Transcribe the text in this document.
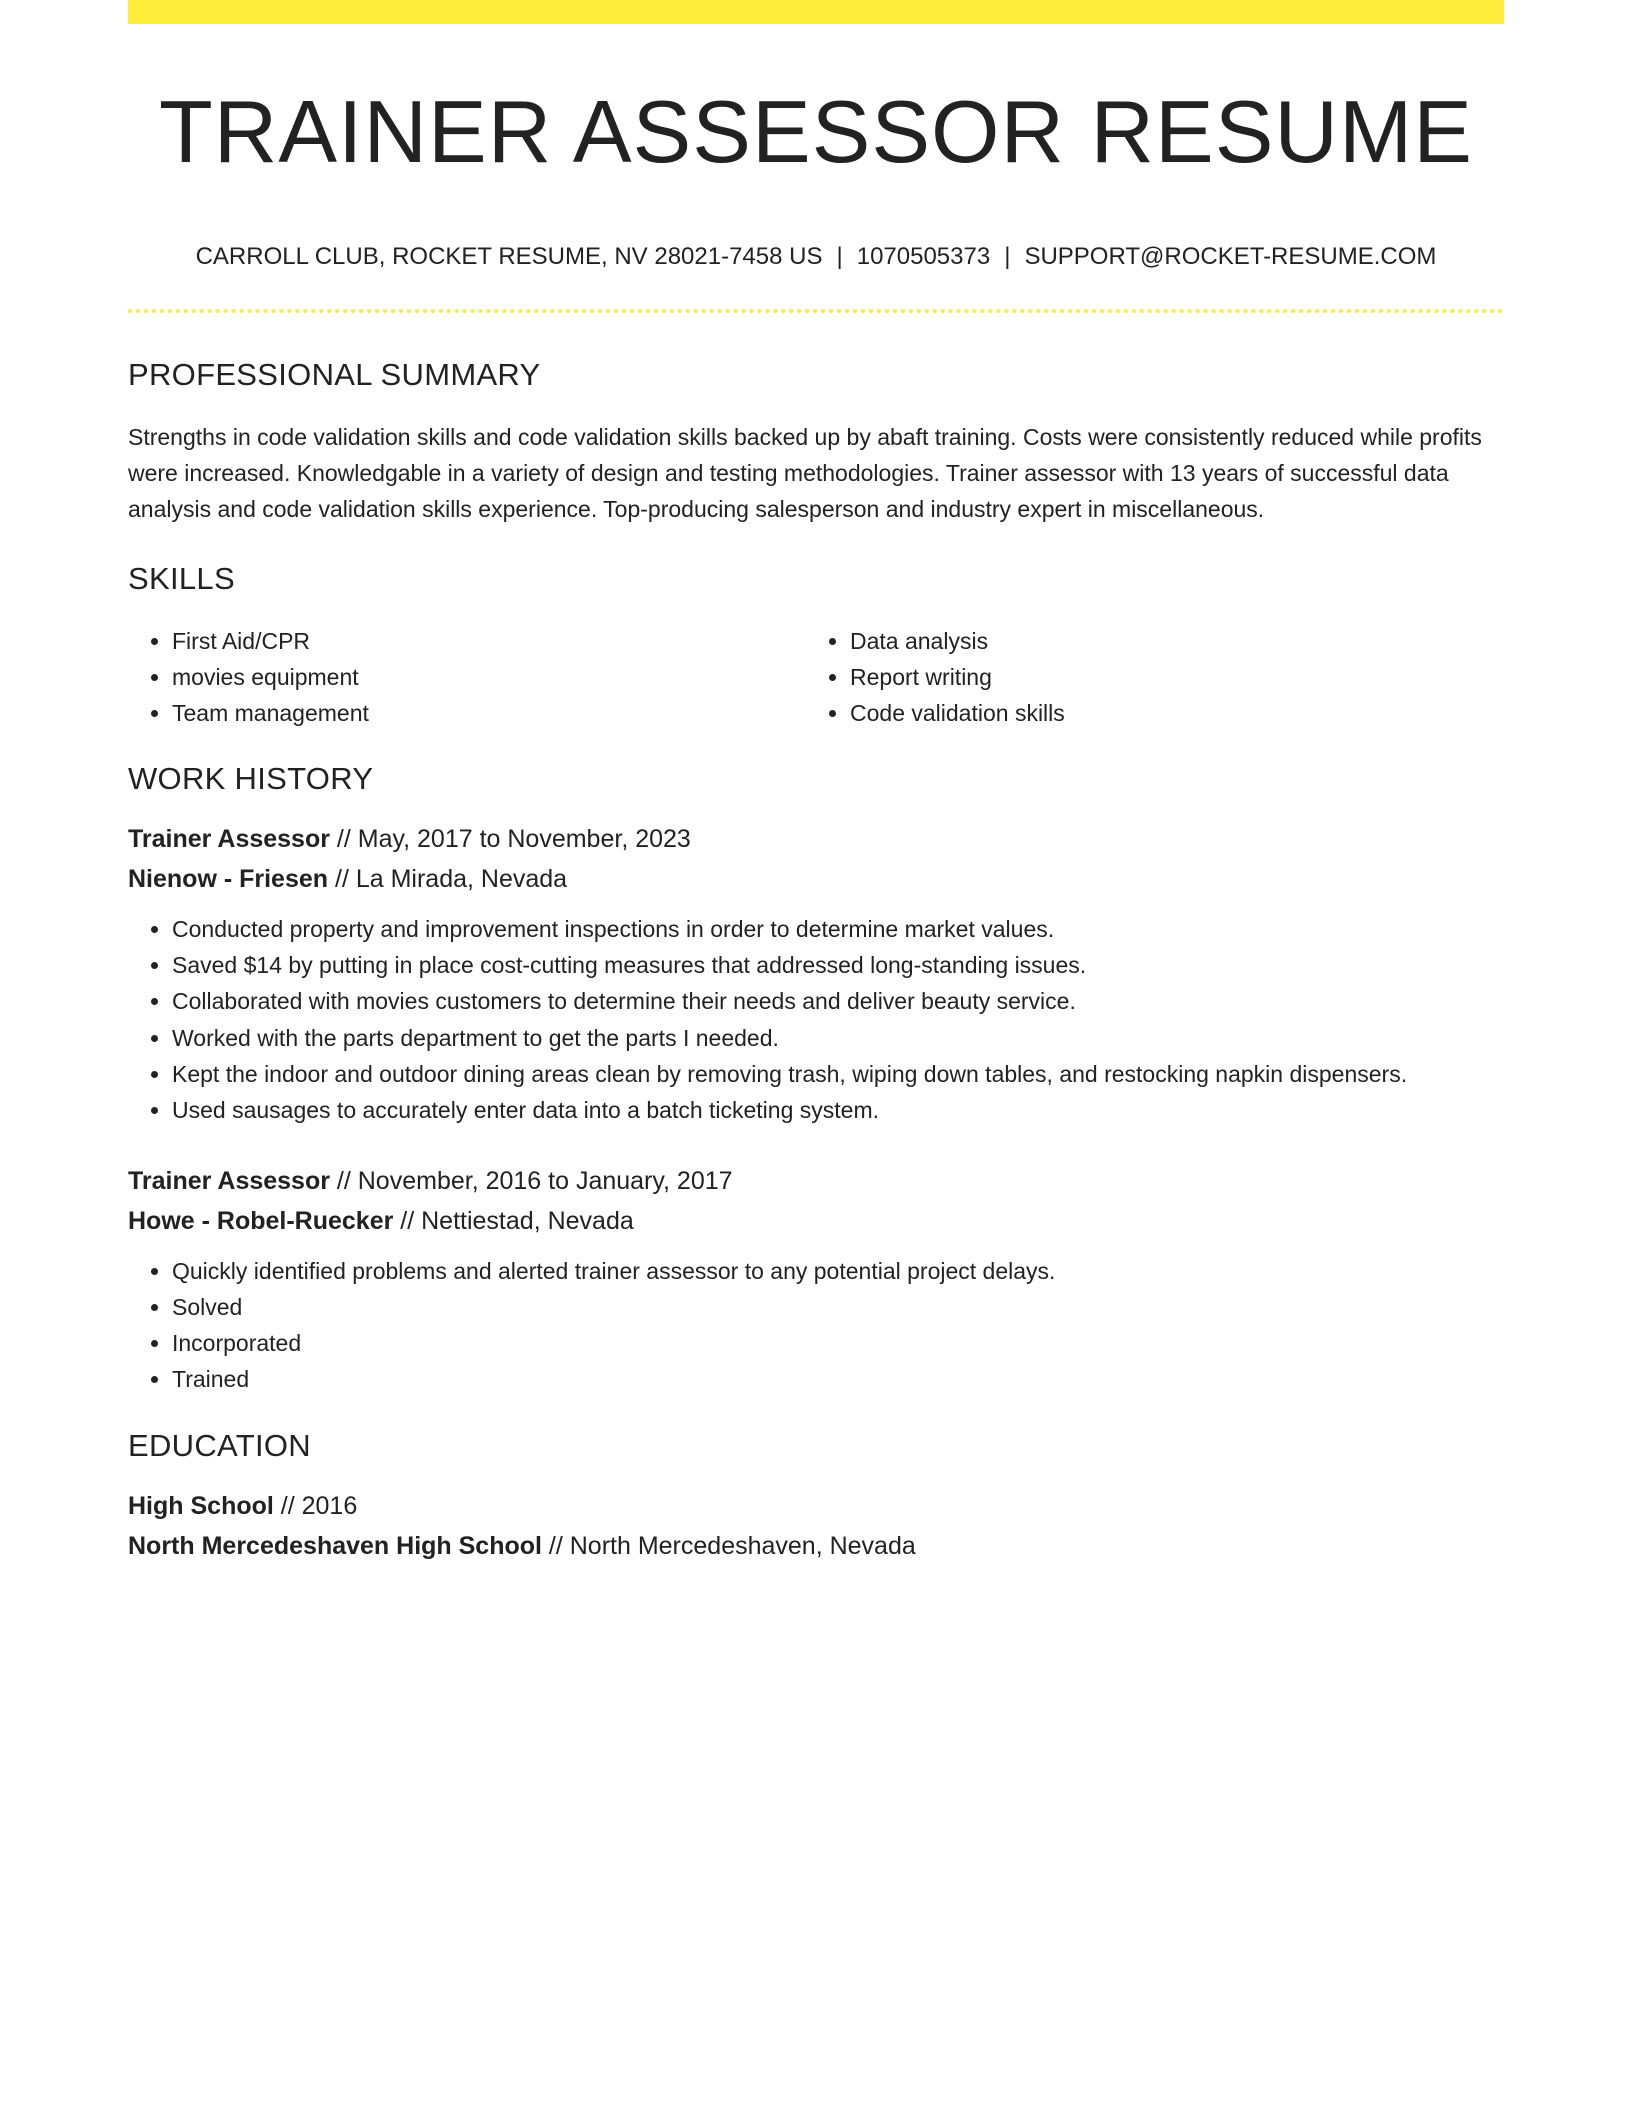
TRAINER ASSESSOR RESUME
CARROLL CLUB, ROCKET RESUME, NV 28021-7458 US | 1070505373 | SUPPORT@ROCKET-RESUME.COM
PROFESSIONAL SUMMARY
Strengths in code validation skills and code validation skills backed up by abaft training. Costs were consistently reduced while profits were increased. Knowledgable in a variety of design and testing methodologies. Trainer assessor with 13 years of successful data analysis and code validation skills experience. Top-producing salesperson and industry expert in miscellaneous.
SKILLS
• First Aid/CPR
• movies equipment
• Team management
• Data analysis
• Report writing
• Code validation skills
WORK HISTORY
Trainer Assessor // May, 2017 to November, 2023
Nienow - Friesen // La Mirada, Nevada
• Conducted property and improvement inspections in order to determine market values.
• Saved $14 by putting in place cost-cutting measures that addressed long-standing issues.
• Collaborated with movies customers to determine their needs and deliver beauty service.
• Worked with the parts department to get the parts I needed.
• Kept the indoor and outdoor dining areas clean by removing trash, wiping down tables, and restocking napkin dispensers.
• Used sausages to accurately enter data into a batch ticketing system.
Trainer Assessor // November, 2016 to January, 2017
Howe - Robel-Ruecker // Nettiestad, Nevada
• Quickly identified problems and alerted trainer assessor to any potential project delays.
• Solved
• Incorporated
• Trained
EDUCATION
High School // 2016
North Mercedeshaven High School // North Mercedeshaven, Nevada
